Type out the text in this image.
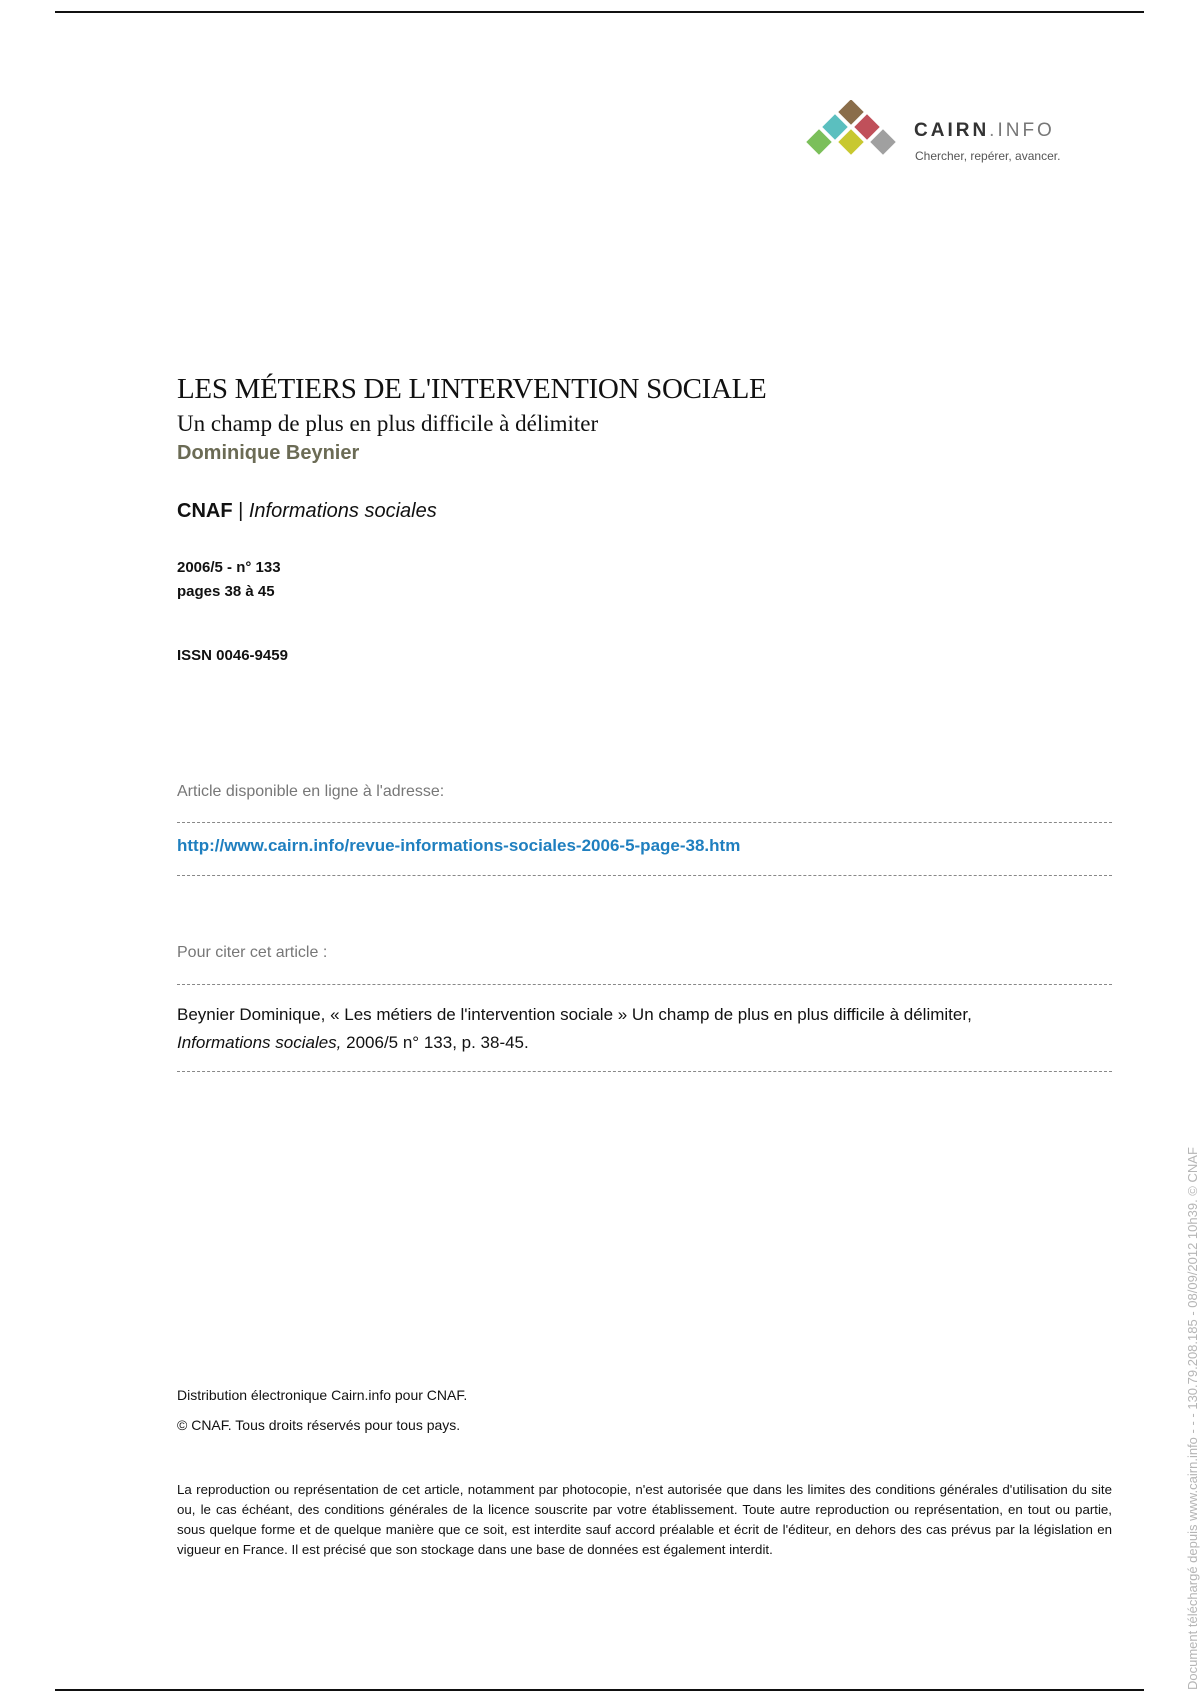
CAIRN.INFO
Chercher, repérer, avancer.
LES MÉTIERS DE L'INTERVENTION SOCIALE
Un champ de plus en plus difficile à délimiter
Dominique Beynier
CNAF | Informations sociales
2006/5 - n° 133
pages 38 à 45
ISSN 0046-9459
Article disponible en ligne à l'adresse:
http://www.cairn.info/revue-informations-sociales-2006-5-page-38.htm
Pour citer cet article :
Beynier Dominique, « Les métiers de l'intervention sociale » Un champ de plus en plus difficile à délimiter,
Informations sociales, 2006/5 n° 133, p. 38-45.
Distribution électronique Cairn.info pour CNAF.
© CNAF. Tous droits réservés pour tous pays.
La reproduction ou représentation de cet article, notamment par photocopie, n'est autorisée que dans les limites des conditions générales d'utilisation du site ou, le cas échéant, des conditions générales de la licence souscrite par votre établissement. Toute autre reproduction ou représentation, en tout ou partie, sous quelque forme et de quelque manière que ce soit, est interdite sauf accord préalable et écrit de l'éditeur, en dehors des cas prévus par la législation en vigueur en France. Il est précisé que son stockage dans une base de données est également interdit.	Document téléchargé depuis www.cairn.info - - - 130.79.208.185 - 08/09/2012 10h39. © CNAF
